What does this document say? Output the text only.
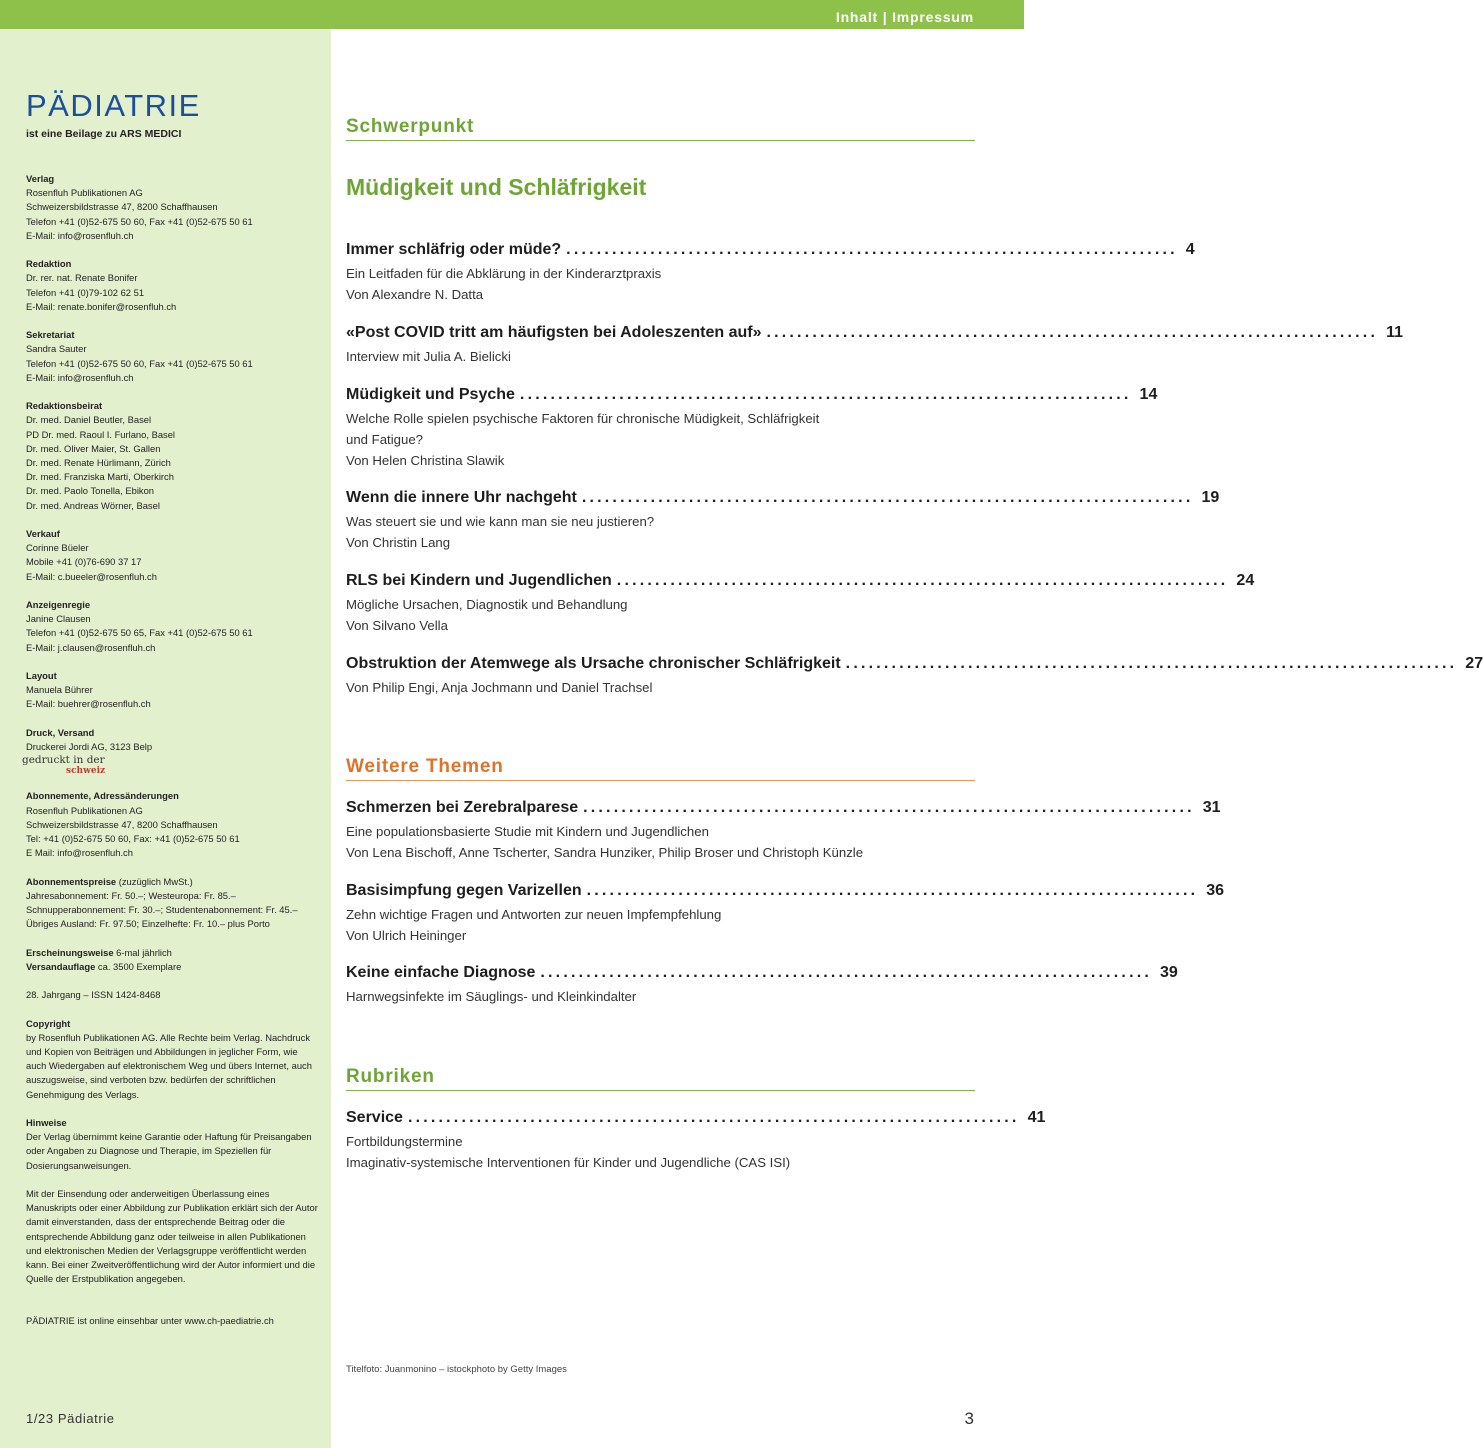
Inhalt | Impressum
PÄDIATRIE
ist eine Beilage zu ARS MEDICI
Verlag
Rosenfluh Publikationen AG
Schweizersbildstrasse 47, 8200 Schaffhausen
Telefon +41 (0)52-675 50 60, Fax +41 (0)52-675 50 61
E-Mail: info@rosenfluh.ch
Redaktion
Dr. rer. nat. Renate Bonifer
Telefon +41 (0)79-102 62 51
E-Mail: renate.bonifer@rosenfluh.ch
Sekretariat
Sandra Sauter
Telefon +41 (0)52-675 50 60, Fax +41 (0)52-675 50 61
E-Mail: info@rosenfluh.ch
Redaktionsbeirat
Dr. med. Daniel Beutler, Basel
PD Dr. med. Raoul I. Furlano, Basel
Dr. med. Oliver Maier, St. Gallen
Dr. med. Renate Hürlimann, Zürich
Dr. med. Franziska Marti, Oberkirch
Dr. med. Paolo Tonella, Ebikon
Dr. med. Andreas Wörner, Basel
Verkauf
Corinne Büeler
Mobile +41 (0)76-690 37 17
E-Mail: c.bueeler@rosenfluh.ch
Anzeigenregie
Janine Clausen
Telefon +41 (0)52-675 50 65, Fax +41 (0)52-675 50 61
E-Mail: j.clausen@rosenfluh.ch
Layout
Manuela Bührer
E-Mail: buehrer@rosenfluh.ch
Druck, Versand
Druckerei Jordi AG, 3123 Belp
gedruckt in der
schweiz
Abonnemente, Adressänderungen
Rosenfluh Publikationen AG
Schweizersbildstrasse 47, 8200 Schaffhausen
Tel: +41 (0)52-675 50 60, Fax: +41 (0)52-675 50 61
E Mail: info@rosenfluh.ch
Abonnementspreise (zuzüglich MwSt.)
Jahresabonnement: Fr. 50.–; Westeuropa: Fr. 85.–
Schnupperabonnement: Fr. 30.–; Studentenabonnement: Fr. 45.–
Übriges Ausland: Fr. 97.50; Einzelhefte: Fr. 10.– plus Porto
Erscheinungsweise 6-mal jährlich
Versandauflage ca. 3500 Exemplare
28. Jahrgang – ISSN 1424-8468
Copyright
by Rosenfluh Publikationen AG. Alle Rechte beim Verlag. Nachdruck und Kopien von Beiträgen und Abbildungen in jeglicher Form, wie auch Wiedergaben auf elektronischem Weg und übers Internet, auch auszugsweise, sind verboten bzw. bedürfen der schriftlichen Genehmigung des Verlags.
Hinweise
Der Verlag übernimmt keine Garantie oder Haftung für Preisangaben oder Angaben zu Diagnose und Therapie, im Speziellen für Dosierungsanweisungen.
Mit der Einsendung oder anderweitigen Überlassung eines Manuskripts oder einer Abbildung zur Publikation erklärt sich der Autor damit einverstanden, dass der entsprechende Beitrag oder die entsprechende Abbildung ganz oder teilweise in allen Publikationen und elektronischen Medien der Verlagsgruppe veröffentlicht werden kann. Bei einer Zweitveröffentlichung wird der Autor informiert und die Quelle der Erstpublikation angegeben.
PÄDIATRIE ist online einsehbar unter www.ch-paediatrie.ch
1/23 Pädiatrie
Schwerpunkt
Müdigkeit und Schläfrigkeit
Weitere Themen
Rubriken
Immer schläfrig oder müde? ................................................................................ 4
Ein Leitfaden für die Abklärung in der Kinderarztpraxis
Von Alexandre N. Datta
«Post COVID tritt am häufigsten bei Adoleszenten auf» ................................................................................ 11
Interview mit Julia A. Bielicki
Müdigkeit und Psyche ................................................................................ 14
Welche Rolle spielen psychische Faktoren für chronische Müdigkeit, Schläfrigkeit
und Fatigue?
Von Helen Christina Slawik
Wenn die innere Uhr nachgeht ................................................................................ 19
Was steuert sie und wie kann man sie neu justieren?
Von Christin Lang
RLS bei Kindern und Jugendlichen ................................................................................ 24
Mögliche Ursachen, Diagnostik und Behandlung
Von Silvano Vella
Obstruktion der Atemwege als Ursache chronischer Schläfrigkeit ................................................................................ 27
Von Philip Engi, Anja Jochmann und Daniel Trachsel
Schmerzen bei Zerebralparese ................................................................................ 31
Eine populationsbasierte Studie mit Kindern und Jugendlichen
Von Lena Bischoff, Anne Tscherter, Sandra Hunziker, Philip Broser und Christoph Künzle
Basisimpfung gegen Varizellen ................................................................................ 36
Zehn wichtige Fragen und Antworten zur neuen Impfempfehlung
Von Ulrich Heininger
Keine einfache Diagnose ................................................................................ 39
Harnwegsinfekte im Säuglings- und Kleinkindalter
Service ................................................................................ 41
Fortbildungstermine
Imaginativ-systemische Interventionen für Kinder und Jugendliche (CAS ISI)
Titelfoto: Juanmonino – istockphoto by Getty Images
3
